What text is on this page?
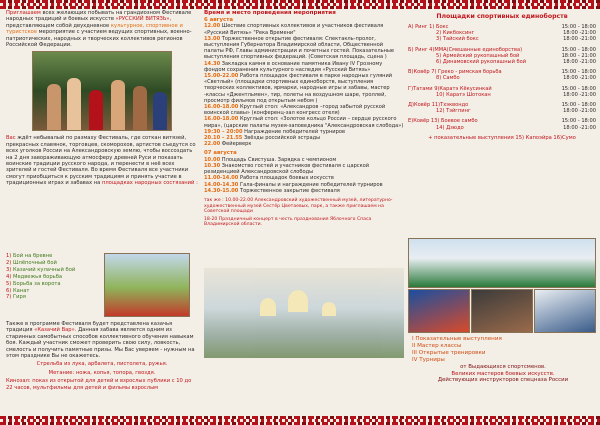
Приглашаем всех желающих побывать на грандиозном Фестивале народных традиций и боевых искусств «РУССКИЙ ВИТЯЗЬ», представляющем собой двухдневное культурное, спортивное и туристское мероприятие с участием ведущих спортивных, военно-патриотических, народных и творческих коллективов регионов Российской Федерации.
Вас ждёт небывалый по размаху Фестиваль, где соткан витязей, прекрасных славянок, торговцев, скоморохов, артистов съедутся со всех уголков России на Александровскую землю, чтобы воссоздать на 2 дня завораживающую атмосферу древней Руси и показать воинские традиции русского народа, и перенести в неё всех зрителей и гостей Фестиваля. Во время Фестиваля все участники смогут приобщиться к русским традициям и принять участие в традиционных играх и забавах на площадках народных состязаний :
1) Бой на бревне
2) Шлёпочный бой
3) Казачий кулачный бой
4) Медвежья борьба
5) Борьба за ворота
6) Канат
7) Гиря
Также в программе Фестиваля будет представлена казачья традиция «Казачий Вар». Данная забава является одним из старинных самобытных способов коллективного обучения навыкам боя. Каждый участник сможет проверить свою силу, ловкость, смелость и получить памятные призы. Мы Вас уверяем - нужным на этом празднике Вы не окажетесь.
Стрельба из лука, арбалета, пистолета, ружья.
Метание: ножа, копья, топора, гвоздя.
Кинозал: показ из открытой для детей и взрослых публики с 10 до 22 часов, мультфильмы для детей и фильмы взрослым
Время и место проведения мероприятия
6 августа
12.00 Шествие спортивных коллективов и участников фестиваля «Русский Витязь» "Река Времени"
13.00 Торжественное открытие фестиваля: Спектакль-пролог, выступления Губернатора Владимирской области, Общественной палаты РФ, Главы администрации и почетных гостей. Показательные выступления спортивных федераций. (Советская площадь, сцена )
14.30 Закладка камня в основание памятника Ивану IV Грозному фондом сохранения культурного наследия «Русский Витязь»
15.00-22.00 Работа площадок фестиваля в парке народных гуляний «Светлый» (площадки спортивных единоборств, выступления творческих коллективов, ярмарки, народные игры и забавы, мастер -классы «Джентльмен», тир, полеты на воздушном шаре, троллей, просмотр фильмов под открытым небом )
16.00-18.00 Круглый стол: «Александров –город забытой русской воинской славы» (конференц-зал конгресс отеля)
16.00-18.00 Круглый стол: «Золотое кольцо России – сердце русского мира», (царские палаты музея-заповедника "Александровская слобода»)
19:30 – 20:00 Награждение победителей турниров
20.10 – 21.55 Звёзды российской эстрады
22.00 Фейерверк
07 августа
10.00 Площадь Свистуша. Зарядка с чемпионом
10.30 Знакомство гостей и участников фестиваля с царской резиденцией Александровской слободы
11.00-14.00 Работа площадок боевых искусств
14.00-14.30 Гала-финалы и награждение победителей турниров
14.30-15.00 Торжественное закрытие фестиваля
так же : 10.00-22.00 Александровский художественный музей, литературно-художественный музей Cестёр Цветаевых, парк, а также приглашаем на Советской площади
18-20 Праздничный концерт в честь празднования Яблочного Спаса Владимирской области.
Площадки спортивных единоборств
А) Ринг 1) Бокс	15:00 - 18:00
2) Кикбоксинг	18:00 -21:00
3) Тайский бокс	18:00 -21:00
Б) Ринг 4)ММА(Смешанные единоборства)	15:00 - 18:00
5) Армейский рукопашный бой	18:00 - 21:00
6) Динамовский рукопашный бой	18:00 -21:00
В)Ковёр 7) Греко - римская борьба	15:00 - 18:00
8) Самбо	18:00 -21:00
Г)Татами 9)Каратэ Кёкусинкай	15:00 - 18:00
10) Каратэ Шотокан	18:00 -21:00
Д)Ковёр 11)Тхэквондо	15:00 - 18:00
12) Тэйгпинг	18:00 -21:00
Е)Ковёр 13) Боевое самбо	15:00 - 18:00
14) Дзюдо	18:00 -21:00
+ показательные выступления 15) Капоэйра 16)Сумо
I Показательные выступления
II Мастер классы
III Открытые тренировки
IV Турниры
от Выдающихся спортсменов.
Великих мастеров боевых искусств.
Действующих инструкторов спецназа России
